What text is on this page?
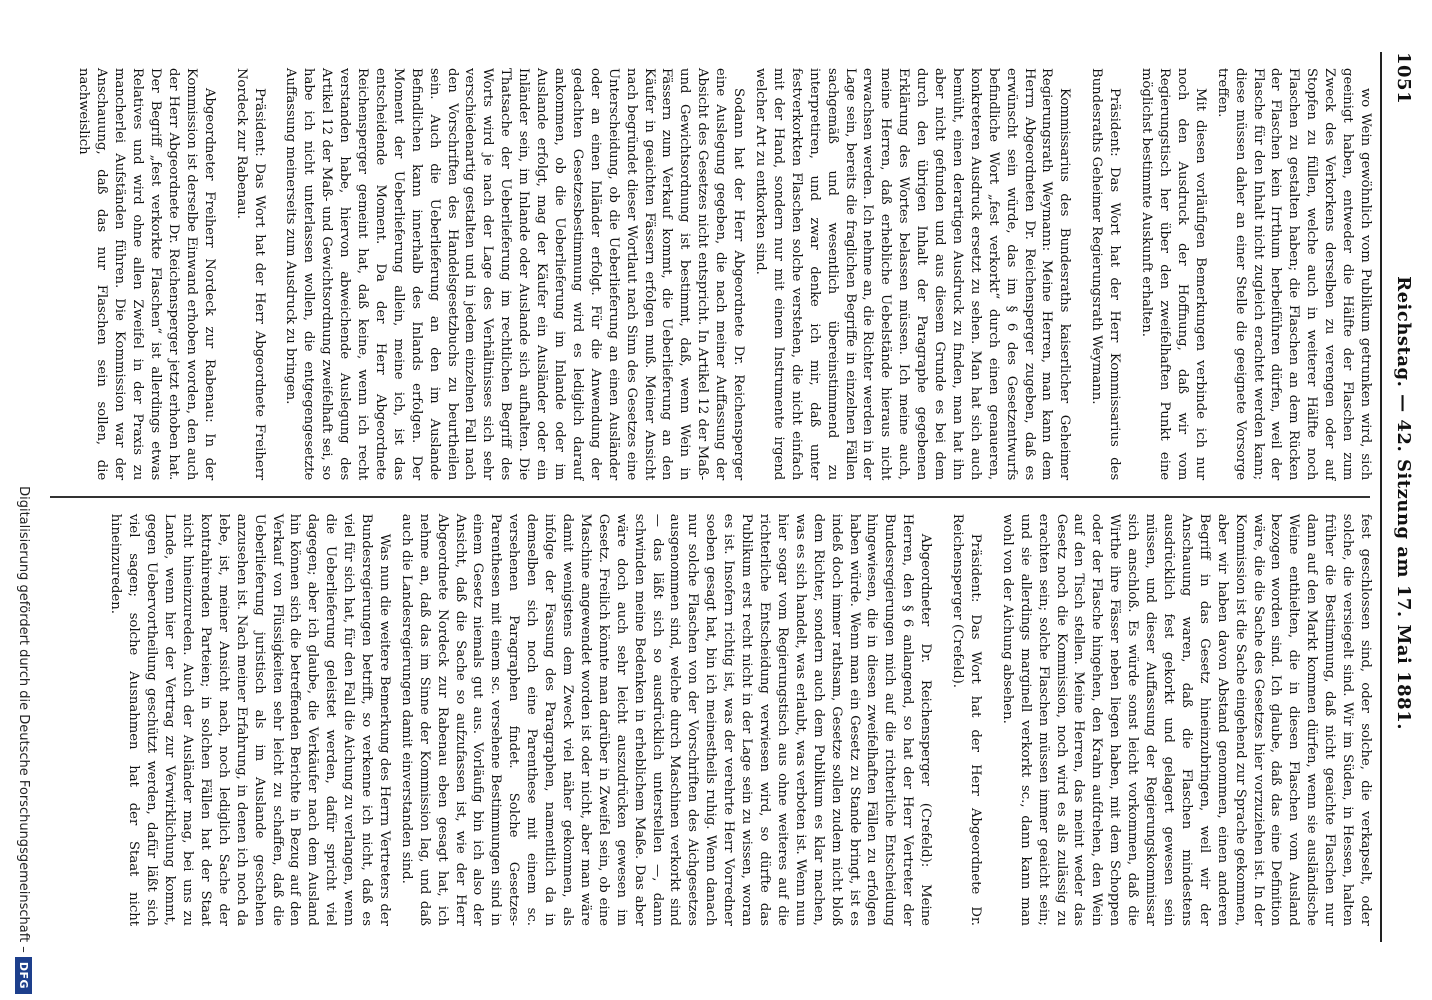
1051
Reichstag. — 42. Sitzung am 17. Mai 1881.

wo Wein gewöhnlich vom Publikum getrunken wird, sich geeinigt haben, entweder die Hälfte der Flaschen zum Zweck des Verkorkens derselben zu verengen oder auf Stopfen zu füllen, welche auch in weiterer Hälfte noch Flaschen zu gestalten haben; die Flaschen an dem Rücken der Flaschen kein Irrthum herbeiführen dürfen, weil der Flasche für den Inhalt nicht zugleich erachtet werden kann; diese müssen daher an einer Stelle die geeignete Vorsorge treffen.

Mit diesen vorläufigen Bemerkungen verbinde ich nur noch den Ausdruck der Hoffnung, daß wir vom Regierungstisch her über den zweifelhaften Punkt eine möglichst bestimmte Auskunft erhalten.

Präsident: Das Wort hat der Herr Kommissarius des Bundesraths Geheimer Regierungsrath Weymann.

Kommissarius des Bundesraths kaiserlicher Geheimer Regierungsrath Weymann: Meine Herren, man kann dem Herrn Abgeordneten Dr. Reichensperger zugeben, daß es erwünscht sein würde, das im § 6 des Gesetzentwurfs befindliche Wort „fest verkorkt“ durch einen genaueren, konkreteren Ausdruck ersetzt zu sehen. Man hat sich auch bemüht, einen derartigen Ausdruck zu finden, man hat ihn aber nicht gefunden und aus diesem Grunde es bei dem durch den übrigen Inhalt der Paragraphe gegebenen Erklärung des Wortes belassen müssen. Ich meine auch, meine Herren, daß erhebliche Uebelstände hieraus nicht erwachsen werden. Ich nehme an, die Richter werden in der Lage sein, bereits die fraglichen Begriffe in einzelnen Fällen sachgemäß und wesentlich übereinstimmend zu interpretiren, und zwar denke ich mir, daß unter festverkorkten Flaschen solche verstehen, die nicht einfach mit der Hand, sondern nur mit einem Instrumente irgend welcher Art zu entkorken sind.

Sodann hat der Herr Abgeordnete Dr. Reichensperger eine Auslegung gegeben, die nach meiner Auffassung der Absicht des Gesetzes nicht entspricht. In Artikel 12 der Maß- und Gewichtsordnung ist bestimmt, daß, wenn Wein in Fässern zum Verkauf kommt, die Ueberlieferung an den Käufer in geaichten Fässern erfolgen muß. Meiner Ansicht nach begründet dieser Wortlaut nach Sinn des Gesetzes eine Unterscheidung, ob die Ueberlieferung an einen Ausländer oder an einen Inländer erfolgt. Für die Anwendung der gedachten Gesetzesbestimmung wird es lediglich darauf ankommen, ob die Ueberlieferung im Inlande oder im Auslande erfolgt, mag der Käufer ein Ausländer oder ein Inländer sein, im Inlande oder Auslande sich aufhalten. Die Thatsache der Ueberlieferung im rechtlichen Begriff des Worts wird je nach der Lage des Verhältnisses sich sehr verschiedenartig gestalten und in jedem einzelnen Fall nach den Vorschriften des Handelsgesetzbuchs zu beurtheilen sein. Auch die Ueberlieferung an den im Auslande Befindlichen kann innerhalb des Inlands erfolgen. Der Moment der Ueberlieferung allein, meine ich, ist das entscheidende Moment. Da der Herr Abgeordnete Reichensperger gemeint hat, daß keine, wenn ich recht verstanden habe, hiervon abweichende Auslegung des Artikel 12 der Maß- und Gewichtsordnung zweifelhaft sei, so habe ich nicht unterlassen wollen, die entgegengesetzte Auffassung meinerseits zum Ausdruck zu bringen.

Präsident: Das Wort hat der Herr Abgeordnete Freiherr Nordeck zur Rabenau.

Abgeordneter Freiherr Nordeck zur Rabenau: In der Kommission ist derselbe Einwand erhoben worden, den auch der Herr Abgeordnete Dr. Reichensperger jetzt erhoben hat. Der Begriff „fest verkorkte Flaschen“ ist allerdings etwas Relatives und wird ohne allen Zweifel in der Praxis zu mancherlei Aufständen führen. Die Kommission war der Anschauung, daß das nur Flaschen sein sollen, die nachweislich

fest geschlossen sind, oder solche, die verkapselt, oder solche, die versiegelt sind. Wir im Süden, in Hessen, halten früher die Bestimmung, daß nicht geaichte Flaschen nur dann auf den Markt kommen dürfen, wenn sie ausländische Weine enthielten, die in diesen Flaschen vom Ausland bezogen worden sind. Ich glaube, daß das eine Definition wäre, die die Sache des Gesetzes hier vorzuziehen ist. In der Kommission ist die Sache eingehend zur Sprache gekommen, aber wir haben davon Abstand genommen, einen anderen Begriff in das Gesetz hineinzubringen, weil wir der Anschauung waren, daß die Flaschen mindestens ausdrücklich fest gekorkt und gelagert gewesen sein müssen, und dieser Auffassung der Regierungskommissar sich anschloß. Es würde sonst leicht vorkommen, daß die Wirthe ihre Fässer neben liegen haben, mit dem Schoppen oder der Flasche hingehen, den Krahn aufdrehen, den Wein auf den Tisch stellen. Meine Herren, das meint weder das Gesetz noch die Kommission, noch wird es als zulässig zu erachten sein; solche Flaschen müssen immer geaicht sein; und sie allerdings marginell verkorkt sc., dann kann man wohl von der Aichung absehen.

Präsident: Das Wort hat der Herr Abgeordnete Dr. Reichensperger (Crefeld).

Abgeordneter Dr. Reichensperger (Crefeld): Meine Herren, den § 6 anlangend, so hat der Herr Vertreter der Bundesregierungen mich auf die richterliche Entscheidung hingewiesen, die in diesen zweifelhaften Fällen zu erfolgen haben würde. Wenn man ein Gesetz zu Stande bringt, ist es indeß doch immer rathsam, Gesetze sollen zudem nicht bloß dem Richter, sondern auch dem Publikum es klar machen, was es sich handelt, was erlaubt, was verboten ist. Wenn nun hier sogar vom Regierungstisch aus ohne weiteres auf die richterliche Entscheidung verwiesen wird, so dürfte das Publikum erst recht nicht in der Lage sein zu wissen, woran es ist. Insofern richtig ist, was der verehrte Herr Vorredner soeben gesagt hat, bin ich meinestheils ruhig. Wenn danach nur solche Flaschen von der Vorschriften des Aichgesetzes ausgenommen sind, welche durch Maschinen verkorkt sind — das läßt sich so ausdrücklich unterstellen —, dann schwinden meine Bedenken in erheblichem Maße. Das aber wäre doch auch sehr leicht auszudrücken gewesen im Gesetz. Freilich könnte man darüber in Zweifel sein, ob eine Maschine angewendet worden ist oder nicht, aber man wäre damit wenigstens dem Zweck viel näher gekommen, als infolge der Fassung des Paragraphen, namentlich da in demselben sich noch eine Parenthese mit einem sc. versehenen Paragraphen findet. Solche Gesetzes-Parenthesen mit einem sc. versehene Bestimmungen sind in einem Gesetz niemals gut aus. Vorläufig bin ich also der Ansicht, daß die Sache so aufzufassen ist, wie der Herr Abgeordnete Nordeck zur Rabenau eben gesagt hat, ich nehme an, daß das im Sinne der Kommission lag, und daß auch die Landesregierungen damit einverstanden sind.

Was nun die weitere Bemerkung des Herrn Vertreters der Bundesregierungen betrifft, so verkenne ich nicht, daß es viel für sich hat, für den Fall die Aichung zu verlangen, wenn die Ueberlieferung geleistet werden, dafür spricht viel dagegen; aber ich glaube, die Verkäufer nach dem Ausland hin können sich die betreffenden Berichte in Bezug auf den Verkauf von Flüssigkeiten sehr leicht zu schaffen, daß die Ueberlieferung juristisch als im Auslande geschehen anzusehen ist. Nach meiner Erfahrung, in denen ich noch da lebe, ist, meiner Ansicht nach, noch lediglich Sache der kontrahirenden Parteien; in solchen Fällen hat der Staat nicht hineinzureden. Auch der Ausländer mag, bei uns zu Lande, wenn hier der Vertrag zur Verwirklichung kommt, gegen Uebervortheilung geschützt werden, dafür läßt sich viel sagen; solche Ausnahmen hat der Staat nicht hineinzureden.

Digitalisierung gefördert durch die Deutsche Forschungsgemeinschaft –
DFG
